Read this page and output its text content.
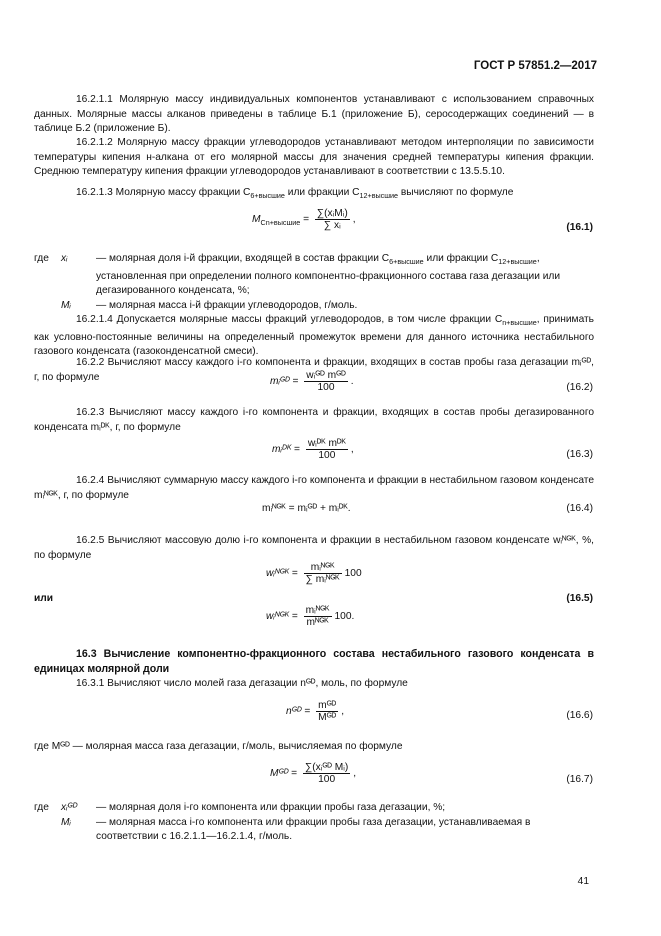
ГОСТ Р 57851.2—2017
16.2.1.1 Молярную массу индивидуальных компонентов устанавливают с использованием справочных данных. Молярные массы алканов приведены в таблице Б.1 (приложение Б), серосодержащих соединений — в таблице Б.2 (приложение Б).
16.2.1.2 Молярную массу фракции углеводородов устанавливают методом интерполяции по зависимости температуры кипения н-алкана от его молярной массы для значения средней температуры кипения фракции. Среднюю температуру кипения фракции углеводородов устанавливают в соответствии с 13.5.5.10.
16.2.1.3 Молярную массу фракции $C_{6+высшие}$ или фракции $C_{12+высшие}$ вычисляют по формуле
$M_{Cn+высшие} = \frac{\text{∑(xᵢMᵢ)}}{\text{∑ xᵢ}}$ ,
(16.1)
где xᵢ	— молярная доля i-й фракции, входящей в состав фракции $C_{6+высшие}$ или фракции $C_{12+высшие}$, установленная при определении полного компонентно-фракционного состава газа дегазации или дегазированного конденсата, %;
Mᵢ — молярная масса i-й фракции углеводородов, г/моль.
16.2.1.4 Допускается молярные массы фракций углеводородов, в том числе фракции $C_{n+высшие}$, принимать как условно-постоянные величины на определенный промежуток времени для данного источника нестабильного газового конденсата (газоконденсатной смеси).
16.2.2 Вычисляют массу каждого i-го компонента и фракции, входящих в состав пробы газа дегазации mᵢᴳᴰ, г, по формуле	mᵢᴳᴰ = $\frac{\text{wᵢᴳᴰ mᴳᴰ}}{100}$ .
(16.2)
16.2.3 Вычисляют массу каждого i-го компонента и фракции, входящих в состав пробы дегазированного конденсата mᵢᴰᴷ, г, по формуле
mᵢᴰᴷ = $\frac{\text{wᵢᴰᴷ mᴰᴷ}}{100}$ ,	(16.3)
16.2.4 Вычисляют суммарную массу каждого i-го компонента и фракции в нестабильном газовом конденсате mᵢᴺᴳᴷ, г, по формуле
mᵢᴺᴳᴷ = mᵢᴳᴰ + mᵢᴰᴷ.	(16.4)
16.2.5 Вычисляют массовую долю i-го компонента и фракции в нестабильном газовом конденсате wᵢᴺᴳᴷ, %, по формуле
wᵢᴺᴳᴷ = $\frac{\text{mᵢᴺᴳᴷ}}{\text{∑ mᵢᴺᴳᴷ}} 100$
или	(16.5)
wᵢᴺᴳᴷ = $\frac{\text{mᵢᴺᴳᴷ}}{\text{mᴺᴳᴷ}} 100$.
16.3 Вычисление компонентно-фракционного состава нестабильного газового конденсата в единицах молярной доли
16.3.1 Вычисляют число молей газа дегазации nᴳᴰ, моль, по формуле
nᴳᴰ = $\frac{\text{mᴳᴰ}}{\text{Mᴳᴰ}}$ ,	(16.6)
где Mᴳᴰ — молярная масса газа дегазации, г/моль, вычисляемая по формуле
Mᴳᴰ = $\frac{\text{∑(xᵢᴳᴰ Mᵢ)}}{100}$ ,
(16.7)
где xᵢᴳᴰ — молярная доля i-го компонента или фракции пробы газа дегазации, %;
Mᵢ — молярная масса i-го компонента или фракции пробы газа дегазации, устанавливаемая в соответствии с 16.2.1.1—16.2.1.4, г/моль.
41
